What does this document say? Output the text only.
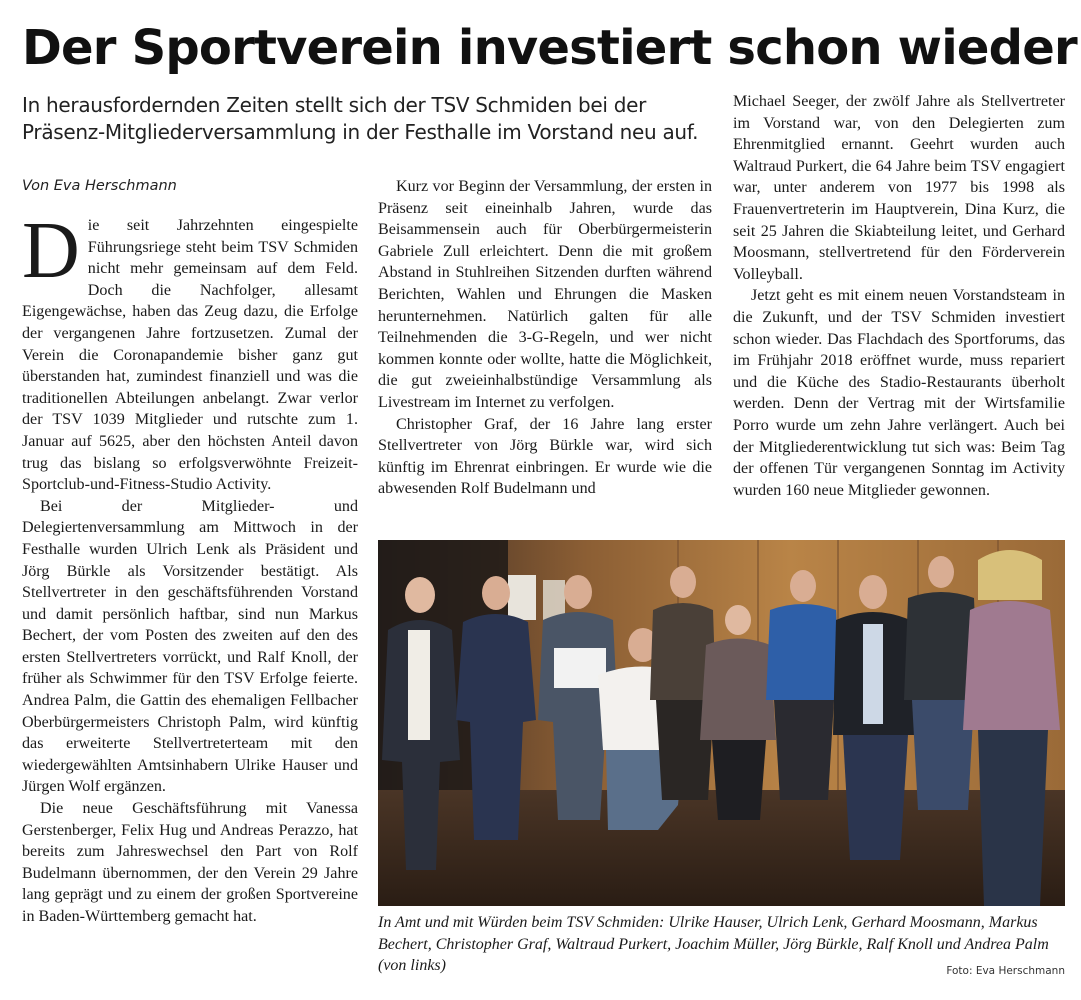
Der Sportverein investiert schon wieder

In herausfordernden Zeiten stellt sich der TSV Schmiden bei der Präsenz-Mitgliederversammlung in der Festhalle im Vorstand neu auf.

Von Eva Herschmann

Die seit Jahrzehnten eingespielte Führungsriege steht beim TSV Schmiden nicht mehr gemeinsam auf dem Feld. Doch die Nachfolger, allesamt Eigengewächse, haben das Zeug dazu, die Erfolge der vergangenen Jahre fortzusetzen. Zumal der Verein die Coronapandemie bisher ganz gut überstanden hat, zumindest finanziell und was die traditionellen Abteilungen anbelangt. Zwar verlor der TSV 1039 Mitglieder und rutschte zum 1. Januar auf 5625, aber den höchsten Anteil davon trug das bislang so erfolgsverwöhnte Freizeit-Sportclub-und-Fitness-Studio Activity.

Bei der Mitglieder- und Delegiertenversammlung am Mittwoch in der Festhalle wurden Ulrich Lenk als Präsident und Jörg Bürkle als Vorsitzender bestätigt. Als Stellvertreter in den geschäftsführenden Vorstand und damit persönlich haftbar, sind nun Markus Bechert, der vom Posten des zweiten auf den des ersten Stellvertreters vorrückt, und Ralf Knoll, der früher als Schwimmer für den TSV Erfolge feierte. Andrea Palm, die Gattin des ehemaligen Fellbacher Oberbürgermeisters Christoph Palm, wird künftig das erweiterte Stellvertreterteam mit den wiedergewählten Amtsinhabern Ulrike Hauser und Jürgen Wolf ergänzen.

Die neue Geschäftsführung mit Vanessa Gerstenberger, Felix Hug und Andreas Perazzo, hat bereits zum Jahreswechsel den Part von Rolf Budelmann übernommen, der den Verein 29 Jahre lang geprägt und zu einem der großen Sportvereine in Baden-Württemberg gemacht hat.

Kurz vor Beginn der Versammlung, der ersten in Präsenz seit eineinhalb Jahren, wurde das Beisammensein auch für Oberbürgermeisterin Gabriele Zull erleichtert. Denn die mit großem Abstand in Stuhlreihen Sitzenden durften während Berichten, Wahlen und Ehrungen die Masken herunternehmen. Natürlich galten für alle Teilnehmenden die 3-G-Regeln, und wer nicht kommen konnte oder wollte, hatte die Möglichkeit, die gut zweieinhalbstündige Versammlung als Livestream im Internet zu verfolgen.

Christopher Graf, der 16 Jahre lang erster Stellvertreter von Jörg Bürkle war, wird sich künftig im Ehrenrat einbringen. Er wurde wie die abwesenden Rolf Budelmann und

Michael Seeger, der zwölf Jahre als Stellvertreter im Vorstand war, von den Delegierten zum Ehrenmitglied ernannt. Geehrt wurden auch Waltraud Purkert, die 64 Jahre beim TSV engagiert war, unter anderem von 1977 bis 1998 als Frauenvertreterin im Hauptverein, Dina Kurz, die seit 25 Jahren die Skiabteilung leitet, und Gerhard Moosmann, stellvertretend für den Förderverein Volleyball.

Jetzt geht es mit einem neuen Vorstandsteam in die Zukunft, und der TSV Schmiden investiert schon wieder. Das Flachdach des Sportforums, das im Frühjahr 2018 eröffnet wurde, muss repariert und die Küche des Stadio-Restaurants überholt werden. Denn der Vertrag mit der Wirtsfamilie Porro wurde um zehn Jahre verlängert. Auch bei der Mitgliederentwicklung tut sich was: Beim Tag der offenen Tür vergangenen Sonntag im Activity wurden 160 neue Mitglieder gewonnen.

In Amt und mit Würden beim TSV Schmiden: Ulrike Hauser, Ulrich Lenk, Gerhard Moosmann, Markus Bechert, Christopher Graf, Waltraud Purkert, Joachim Müller, Jörg Bürkle, Ralf Knoll und Andrea Palm (von links)	Foto: Eva Herschmann
